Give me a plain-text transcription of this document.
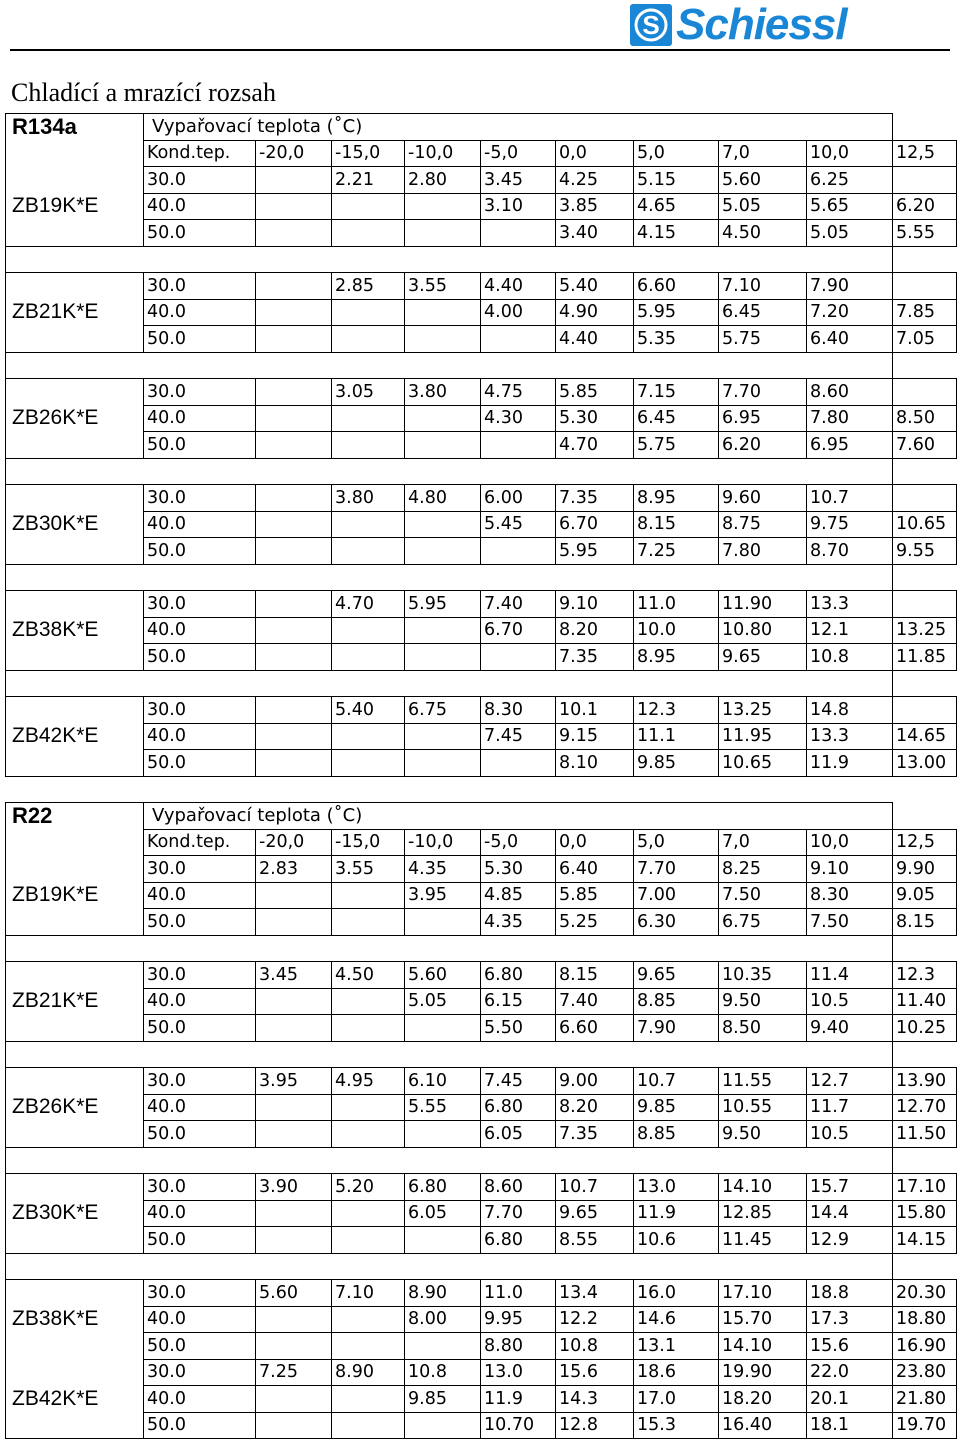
S Schiessl
Chladící a mrazící rozsah
R134a	Vypařovací teplota (˚C)									
	Kond.tep.	-20,0	-15,0	-10,0	-5,0	0,0	5,0	7,0	10,0	12,5
	30.0		2.21	2.80	3.45	4.25	5.15	5.60	6.25	
ZB19K*E	40.0				3.10	3.85	4.65	5.05	5.65	6.20
	50.0					3.40	4.15	4.50	5.05	5.55

	30.0		2.85	3.55	4.40	5.40	6.60	7.10	7.90	
ZB21K*E	40.0				4.00	4.90	5.95	6.45	7.20	7.85
	50.0					4.40	5.35	5.75	6.40	7.05

	30.0		3.05	3.80	4.75	5.85	7.15	7.70	8.60	
ZB26K*E	40.0				4.30	5.30	6.45	6.95	7.80	8.50
	50.0					4.70	5.75	6.20	6.95	7.60

	30.0		3.80	4.80	6.00	7.35	8.95	9.60	10.7	
ZB30K*E	40.0				5.45	6.70	8.15	8.75	9.75	10.65
	50.0					5.95	7.25	7.80	8.70	9.55

	30.0		4.70	5.95	7.40	9.10	11.0	11.90	13.3	
ZB38K*E	40.0				6.70	8.20	10.0	10.80	12.1	13.25
	50.0					7.35	8.95	9.65	10.8	11.85

	30.0		5.40	6.75	8.30	10.1	12.3	13.25	14.8	
ZB42K*E	40.0				7.45	9.15	11.1	11.95	13.3	14.65
	50.0					8.10	9.85	10.65	11.9	13.00
R22	Vypařovací teplota (˚C)									
	Kond.tep.	-20,0	-15,0	-10,0	-5,0	0,0	5,0	7,0	10,0	12,5
	30.0	2.83	3.55	4.35	5.30	6.40	7.70	8.25	9.10	9.90
ZB19K*E	40.0			3.95	4.85	5.85	7.00	7.50	8.30	9.05
	50.0				4.35	5.25	6.30	6.75	7.50	8.15

	30.0	3.45	4.50	5.60	6.80	8.15	9.65	10.35	11.4	12.3
ZB21K*E	40.0			5.05	6.15	7.40	8.85	9.50	10.5	11.40
	50.0				5.50	6.60	7.90	8.50	9.40	10.25

	30.0	3.95	4.95	6.10	7.45	9.00	10.7	11.55	12.7	13.90
ZB26K*E	40.0			5.55	6.80	8.20	9.85	10.55	11.7	12.70
	50.0				6.05	7.35	8.85	9.50	10.5	11.50

	30.0	3.90	5.20	6.80	8.60	10.7	13.0	14.10	15.7	17.10
ZB30K*E	40.0			6.05	7.70	9.65	11.9	12.85	14.4	15.80
	50.0				6.80	8.55	10.6	11.45	12.9	14.15

	30.0	5.60	7.10	8.90	11.0	13.4	16.0	17.10	18.8	20.30
ZB38K*E	40.0			8.00	9.95	12.2	14.6	15.70	17.3	18.80
	50.0				8.80	10.8	13.1	14.10	15.6	16.90
	30.0	7.25	8.90	10.8	13.0	15.6	18.6	19.90	22.0	23.80
ZB42K*E	40.0			9.85	11.9	14.3	17.0	18.20	20.1	21.80
	50.0				10.70	12.8	15.3	16.40	18.1	19.70
